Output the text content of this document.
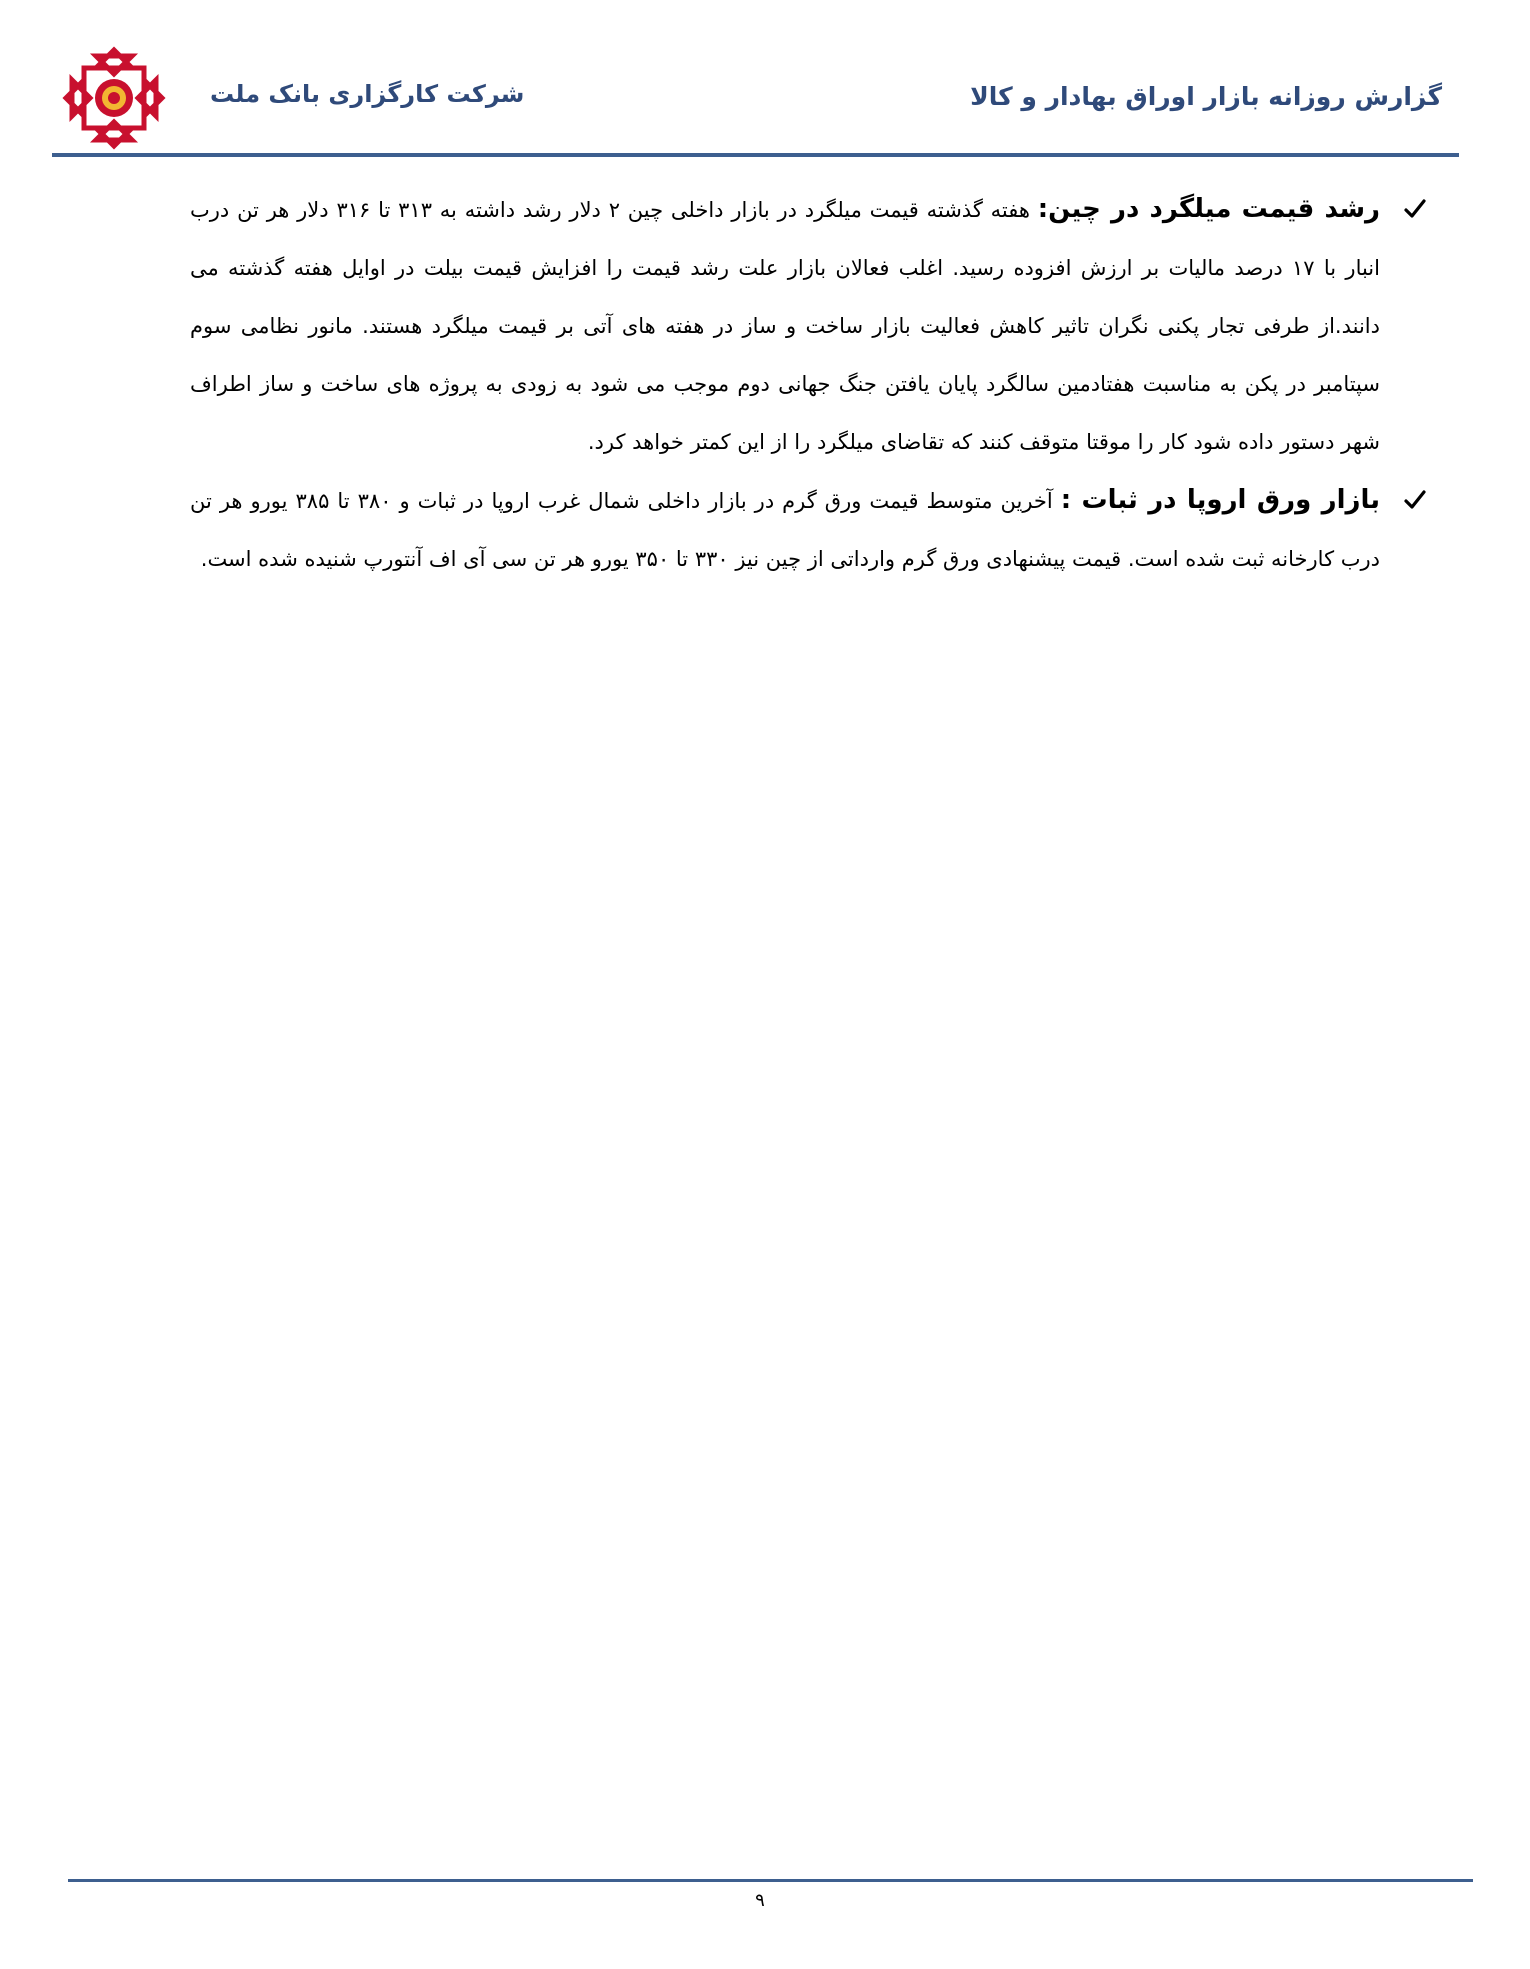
شرکت کارگزاری بانک ملت	گزارش روزانه بازار اوراق بهادار و کالا

رشد قیمت میلگرد در چین: هفته گذشته قیمت میلگرد در بازار داخلی چین ۲ دلار رشد داشته به ۳۱۳ تا ۳۱۶ دلار هر تن درب انبار با ۱۷ درصد مالیات بر ارزش افزوده رسید. اغلب فعالان بازار علت رشد قیمت را افزایش قیمت بیلت در اوایل هفته گذشته می دانند.از طرفی تجار پکنی نگران تاثیر کاهش فعالیت بازار ساخت و ساز در هفته های آتی بر قیمت میلگرد هستند. مانور نظامی سوم سپتامبر در پکن به مناسبت هفتادمین سالگرد پایان یافتن جنگ جهانی دوم موجب می شود به زودی به پروژه های ساخت و ساز اطراف شهر دستور داده شود کار را موقتا متوقف کنند که تقاضای میلگرد را از این کمتر خواهد کرد.

بازار ورق اروپا در ثبات : آخرین متوسط قیمت ورق گرم در بازار داخلی شمال غرب اروپا در ثبات و ۳۸۰ تا ۳۸۵ یورو هر تن درب کارخانه ثبت شده است. قیمت پیشنهادی ورق گرم وارداتی از چین نیز ۳۳۰ تا ۳۵۰ یورو هر تن سی آی اف آنتورپ شنیده شده است.

۹
